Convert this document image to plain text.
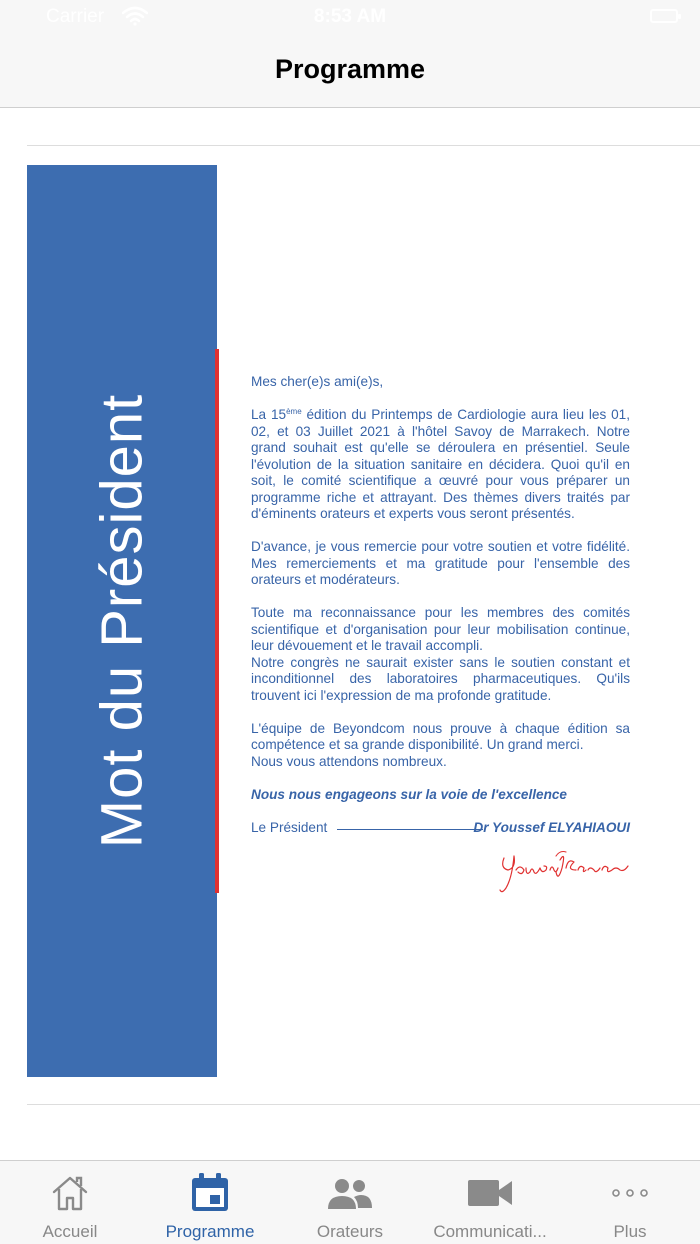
Carrier	8:53 AM
Programme
Mot du Président

Mes cher(e)s ami(e)s,

La 15ème édition du Printemps de Cardiologie aura lieu les 01, 02, et 03 Juillet 2021 à l'hôtel Savoy de Marrakech. Notre grand souhait est qu'elle se déroulera en présentiel. Seule l'évolution de la situation sanitaire en décidera. Quoi qu'il en soit, le comité scientifique a œuvré pour vous préparer un programme riche et attrayant. Des thèmes divers traités par d'éminents orateurs et experts vous seront présentés.

D'avance, je vous remercie pour votre soutien et votre fidélité. Mes remerciements et ma gratitude pour l'ensemble des orateurs et modérateurs.

Toute ma reconnaissance pour les membres des comités scientifique et d'organisation pour leur mobilisation continue, leur dévouement et le travail accompli.
Notre congrès ne saurait exister sans le soutien constant et inconditionnel des laboratoires pharmaceutiques. Qu'ils trouvent ici l'expression de ma profonde gratitude.

L'équipe de Beyondcom nous prouve à chaque édition sa compétence et sa grande disponibilité. Un grand merci.
Nous vous attendons nombreux.

Nous nous engageons sur la voie de l'excellence

Le Président	Dr Youssef ELYAHIAOUI
Accueil	Programme	Orateurs	Communicati...	Plus
